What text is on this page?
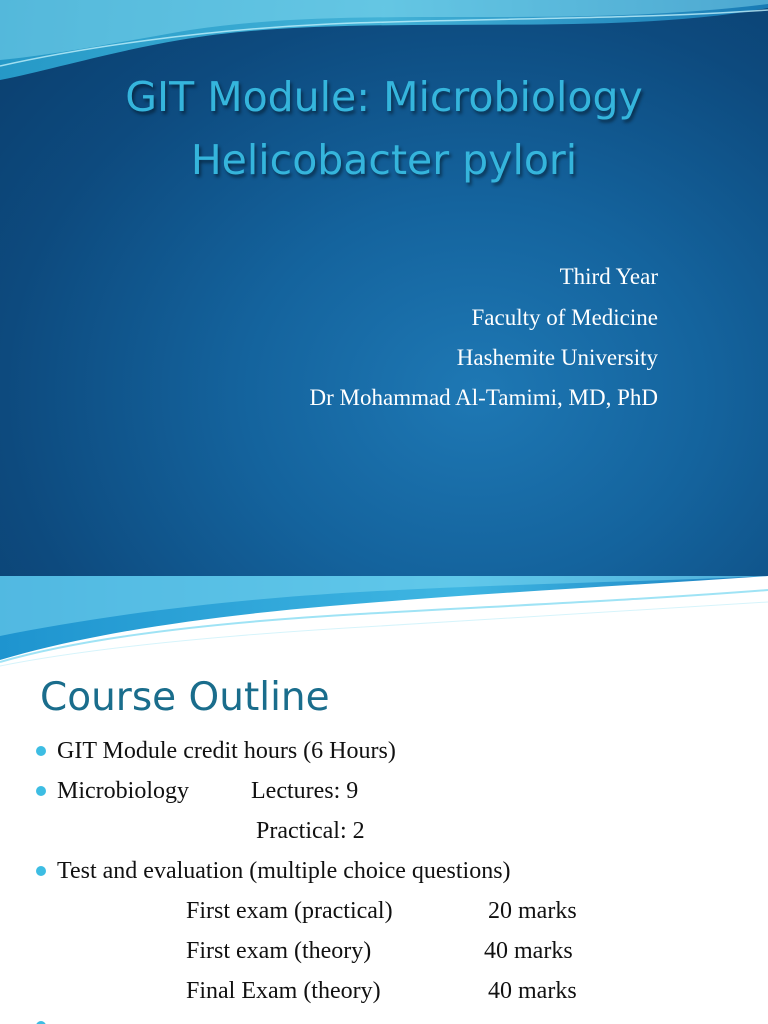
GIT Module: Microbiology
Helicobacter pylori
Third Year
Faculty of Medicine
Hashemite University
Dr Mohammad Al-Tamimi, MD, PhD
Course Outline
GIT Module credit hours (6 Hours)
Microbiology	Lectures: 9
Practical: 2
Test and evaluation (multiple choice questions)
First exam (practical)	20 marks
First exam (theory)	40 marks
Final Exam (theory)	40 marks
